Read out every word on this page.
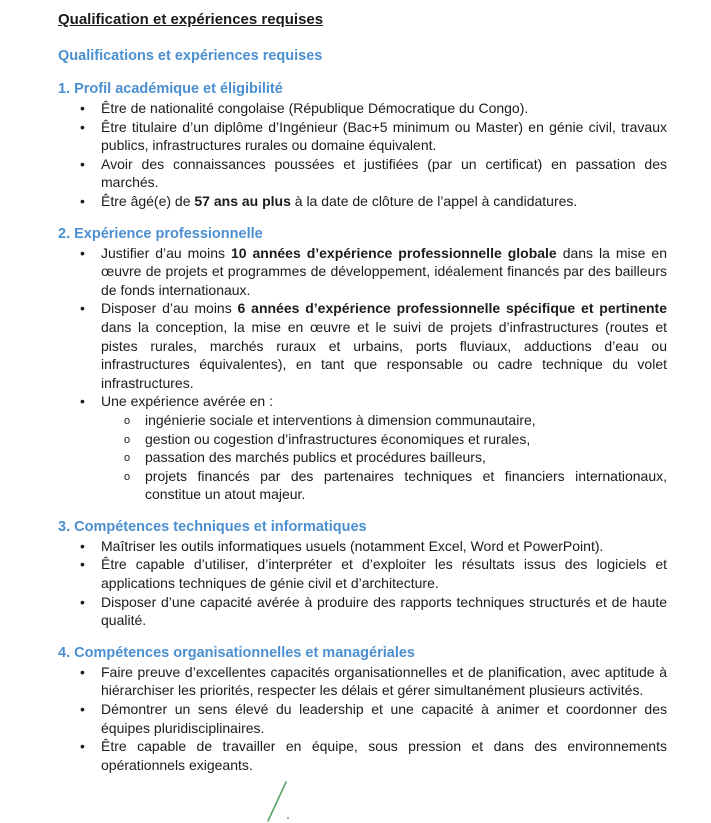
Qualification et expériences requises
Qualifications et expériences requises
1. Profil académique et éligibilité
• Être de nationalité congolaise (République Démocratique du Congo).
• Être titulaire d’un diplôme d’Ingénieur (Bac+5 minimum ou Master) en génie civil, travaux publics, infrastructures rurales ou domaine équivalent.
• Avoir des connaissances poussées et justifiées (par un certificat) en passation des marchés.
• Être âgé(e) de 57 ans au plus à la date de clôture de l’appel à candidatures.
2. Expérience professionnelle
• Justifier d’au moins 10 années d’expérience professionnelle globale dans la mise en œuvre de projets et programmes de développement, idéalement financés par des bailleurs de fonds internationaux.
• Disposer d’au moins 6 années d’expérience professionnelle spécifique et pertinente dans la conception, la mise en œuvre et le suivi de projets d’infrastructures (routes et pistes rurales, marchés ruraux et urbains, ports fluviaux, adductions d’eau ou infrastructures équivalentes), en tant que responsable ou cadre technique du volet infrastructures.
• Une expérience avérée en :
o ingénierie sociale et interventions à dimension communautaire,
o gestion ou cogestion d’infrastructures économiques et rurales,
o passation des marchés publics et procédures bailleurs,
o projets financés par des partenaires techniques et financiers internationaux, constitue un atout majeur.
3. Compétences techniques et informatiques
• Maîtriser les outils informatiques usuels (notamment Excel, Word et PowerPoint).
• Être capable d’utiliser, d’interpréter et d’exploiter les résultats issus des logiciels et applications techniques de génie civil et d’architecture.
• Disposer d’une capacité avérée à produire des rapports techniques structurés et de haute qualité.
4. Compétences organisationnelles et managériales
• Faire preuve d’excellentes capacités organisationnelles et de planification, avec aptitude à hiérarchiser les priorités, respecter les délais et gérer simultanément plusieurs activités.
• Démontrer un sens élevé du leadership et une capacité à animer et coordonner des équipes pluridisciplinaires.
• Être capable de travailler en équipe, sous pression et dans des environnements opérationnels exigeants.
